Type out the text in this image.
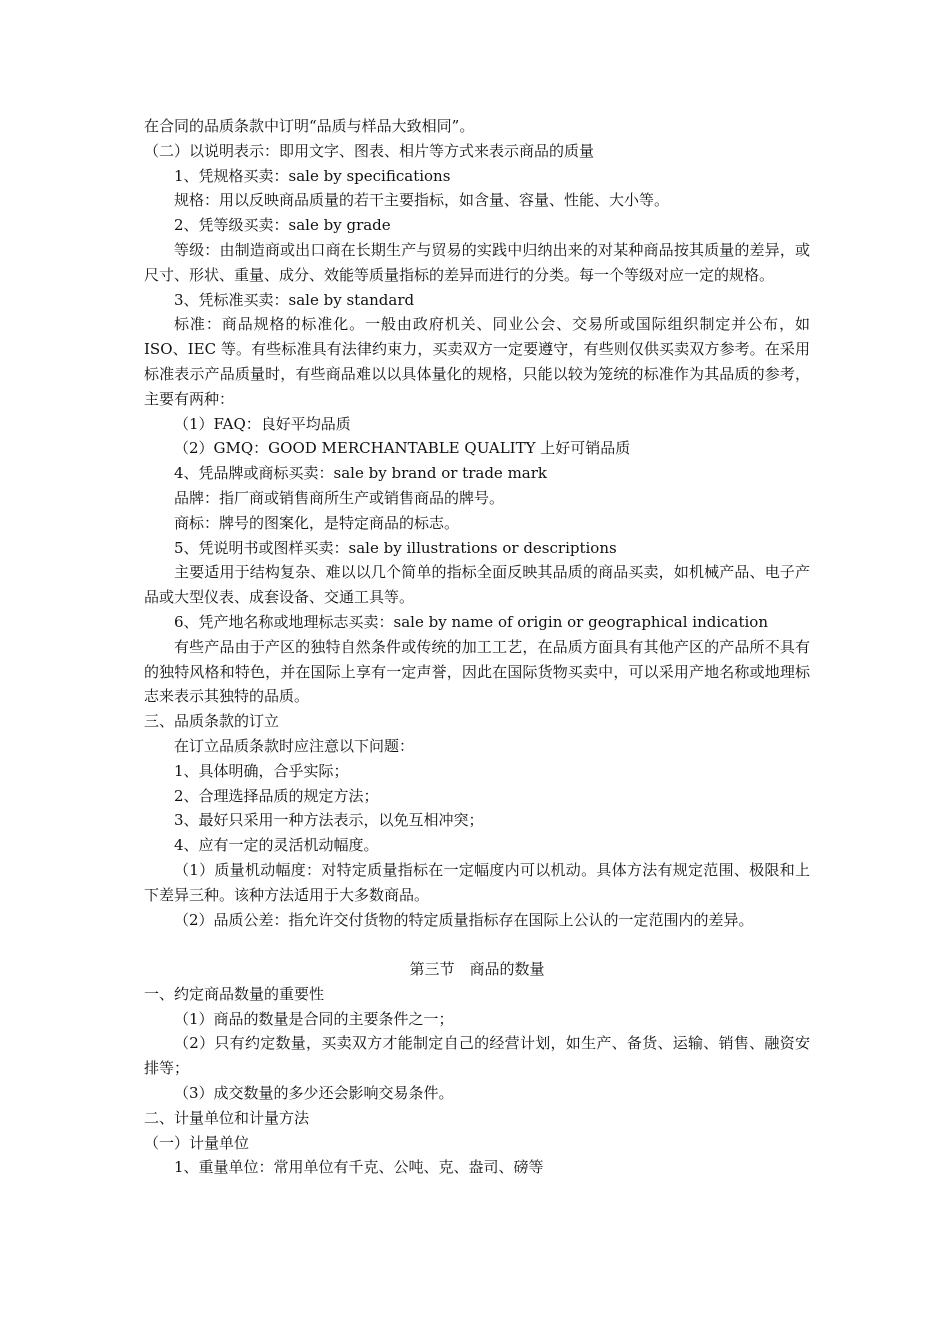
在合同的品质条款中订明“品质与样品大致相同”。

（二）以说明表示：即用文字、图表、相片等方式来表示商品的质量

1、凭规格买卖：sale by specifications

规格：用以反映商品质量的若干主要指标，如含量、容量、性能、大小等。

2、凭等级买卖：sale by grade

等级：由制造商或出口商在长期生产与贸易的实践中归纳出来的对某种商品按其质量的差异，或尺寸、形状、重量、成分、效能等质量指标的差异而进行的分类。每一个等级对应一定的规格。

3、凭标准买卖：sale by standard

标准：商品规格的标准化。一般由政府机关、同业公会、交易所或国际组织制定并公布，如 ISO、IEC 等。有些标准具有法律约束力，买卖双方一定要遵守，有些则仅供买卖双方参考。在采用标准表示产品质量时，有些商品难以以具体量化的规格，只能以较为笼统的标准作为其品质的参考，主要有两种：

（1）FAQ：良好平均品质

（2）GMQ：GOOD MERCHANTABLE QUALITY 上好可销品质

4、凭品牌或商标买卖：sale by brand or trade mark

品牌：指厂商或销售商所生产或销售商品的牌号。

商标：牌号的图案化，是特定商品的标志。

5、凭说明书或图样买卖：sale by illustrations or descriptions

主要适用于结构复杂、难以以几个简单的指标全面反映其品质的商品买卖，如机械产品、电子产品或大型仪表、成套设备、交通工具等。

6、凭产地名称或地理标志买卖：sale by name of origin or geographical indication

有些产品由于产区的独特自然条件或传统的加工工艺，在品质方面具有其他产区的产品所不具有的独特风格和特色，并在国际上享有一定声誉，因此在国际货物买卖中，可以采用产地名称或地理标志来表示其独特的品质。

三、品质条款的订立

在订立品质条款时应注意以下问题：

1、具体明确，合乎实际；

2、合理选择品质的规定方法；

3、最好只采用一种方法表示，以免互相冲突；

4、应有一定的灵活机动幅度。

（1）质量机动幅度：对特定质量指标在一定幅度内可以机动。具体方法有规定范围、极限和上下差异三种。该种方法适用于大多数商品。

（2）品质公差：指允许交付货物的特定质量指标存在国际上公认的一定范围内的差异。

第三节　商品的数量

一、约定商品数量的重要性

（1）商品的数量是合同的主要条件之一；

（2）只有约定数量，买卖双方才能制定自己的经营计划，如生产、备货、运输、销售、融资安排等；

（3）成交数量的多少还会影响交易条件。

二、计量单位和计量方法

（一）计量单位

1、重量单位：常用单位有千克、公吨、克、盎司、磅等
